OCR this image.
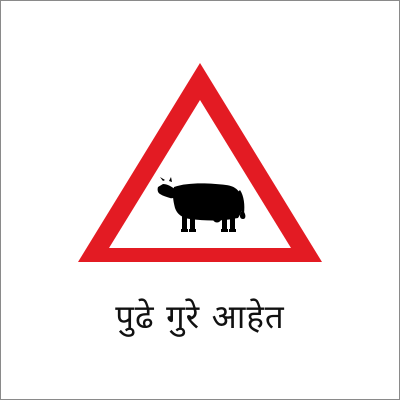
पुढे गुरे आहेत
